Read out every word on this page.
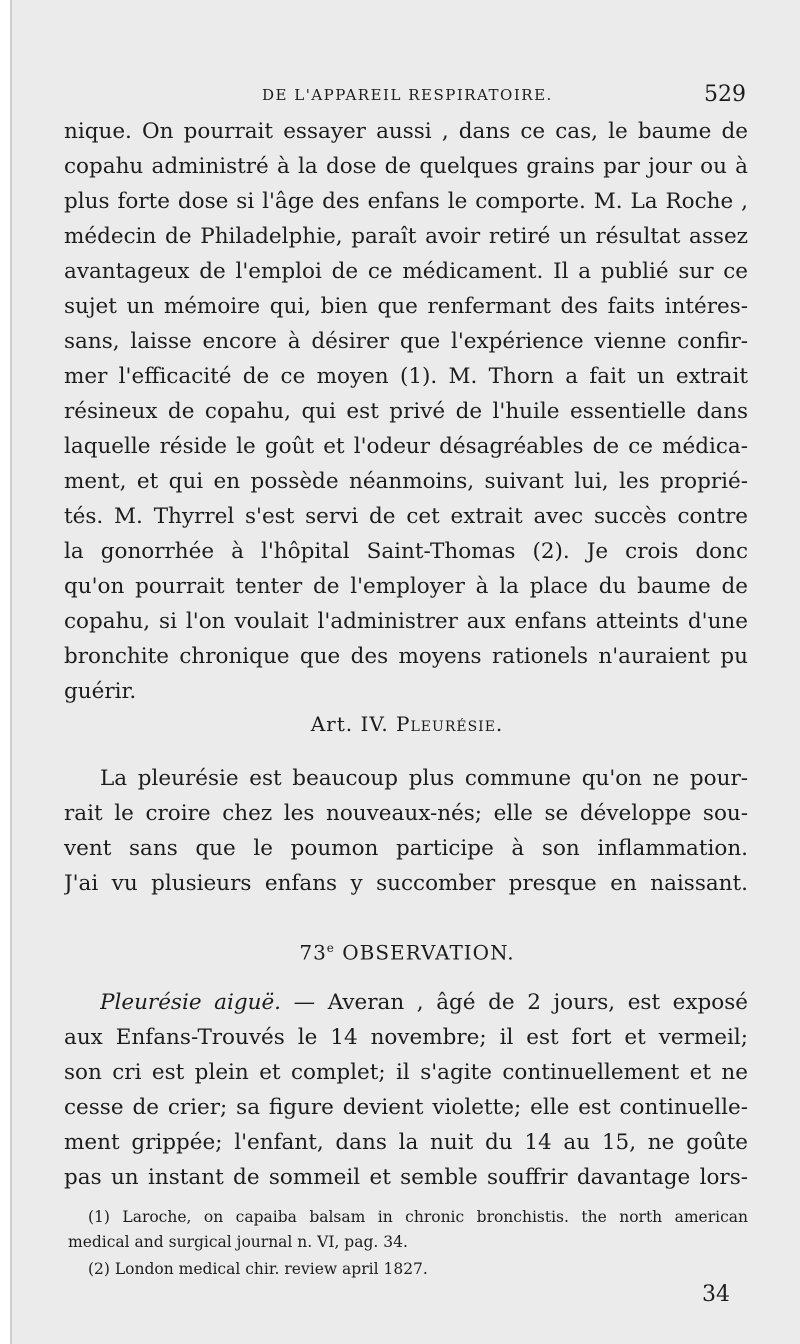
DE L'APPAREIL RESPIRATOIRE.	529
nique. On pourrait essayer aussi , dans ce cas, le baume de
copahu administré à la dose de quelques grains par jour ou à
plus forte dose si l'âge des enfans le comporte. M. La Roche ,
médecin de Philadelphie, paraît avoir retiré un résultat assez
avantageux de l'emploi de ce médicament. Il a publié sur ce
sujet un mémoire qui, bien que renfermant des faits intéres-
sans, laisse encore à désirer que l'expérience vienne confir-
mer l'efficacité de ce moyen (1). M. Thorn a fait un extrait
résineux de copahu, qui est privé de l'huile essentielle dans
laquelle réside le goût et l'odeur désagréables de ce médica-
ment, et qui en possède néanmoins, suivant lui, les proprié-
tés. M. Thyrrel s'est servi de cet extrait avec succès contre
la gonorrhée à l'hôpital Saint-Thomas (2). Je crois donc
qu'on pourrait tenter de l'employer à la place du baume de
copahu, si l'on voulait l'administrer aux enfans atteints d'une
bronchite chronique que des moyens rationels n'auraient pu
guérir.
Art. IV. Pleurésie.
La pleurésie est beaucoup plus commune qu'on ne pour-
rait le croire chez les nouveaux-nés; elle se développe sou-
vent sans que le poumon participe à son inflammation.
J'ai vu plusieurs enfans y succomber presque en naissant.
73e OBSERVATION.
Pleurésie aiguë. — Averan , âgé de 2 jours, est exposé
aux Enfans-Trouvés le 14 novembre; il est fort et vermeil;
son cri est plein et complet; il s'agite continuellement et ne
cesse de crier; sa figure devient violette; elle est continuelle-
ment grippée; l'enfant, dans la nuit du 14 au 15, ne goûte
pas un instant de sommeil et semble souffrir davantage lors-
(1) Laroche, on capaiba balsam in chronic bronchistis. the north american
medical and surgical journal n. VI, pag. 34.
(2) London medical chir. review april 1827.
34
